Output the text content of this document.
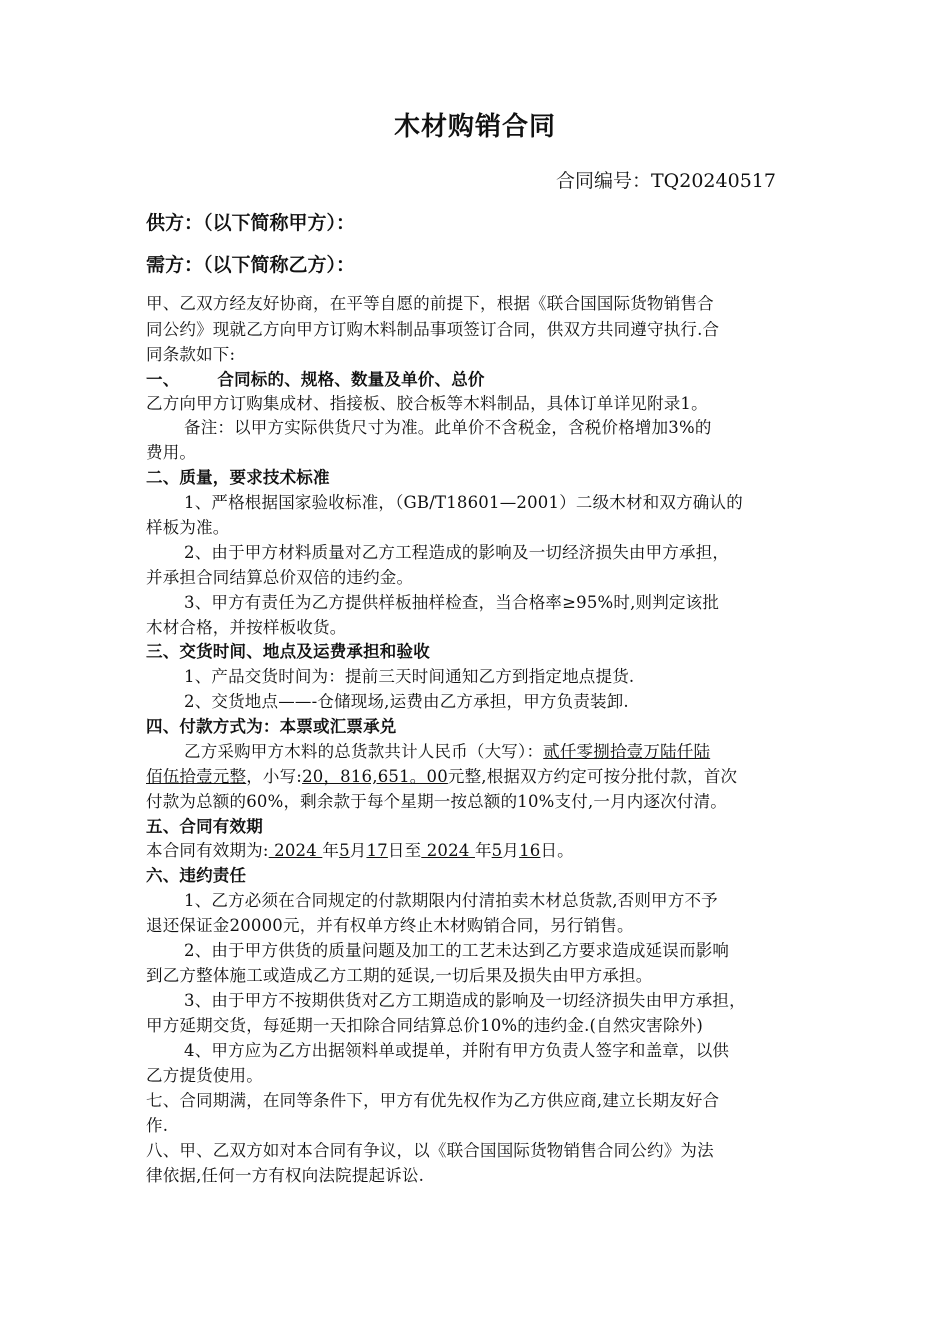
木材购销合同
合同编号：TQ20240517
供方：（以下简称甲方）：
需方：（以下简称乙方）：
甲、乙双方经友好协商，在平等自愿的前提下，根据《联合国国际货物销售合
同公约》现就乙方向甲方订购木料制品事项签订合同，供双方共同遵守执行.合
同条款如下:
一、 合同标的、规格、数量及单价、总价
乙方向甲方订购集成材、指接板、胶合板等木料制品，具体订单详见附录1。
备注：以甲方实际供货尺寸为准。此单价不含税金，含税价格增加3%的
费用。
二、质量，要求技术标准
1、严格根据国家验收标准，（GB/T18601—2001）二级木材和双方确认的
样板为准。
2、由于甲方材料质量对乙方工程造成的影响及一切经济损失由甲方承担，
并承担合同结算总价双倍的违约金。
3、甲方有责任为乙方提供样板抽样检查，当合格率≥95%时,则判定该批
木材合格，并按样板收货。
三、交货时间、地点及运费承担和验收
1、产品交货时间为：提前三天时间通知乙方到指定地点提货.
2、交货地点——-仓储现场,运费由乙方承担，甲方负责装卸.
四、付款方式为：本票或汇票承兑
乙方采购甲方木料的总货款共计人民币（大写）：贰仟零捌拾壹万陆仟陆
佰伍拾壹元整，小写:20，816,651。00元整,根据双方约定可按分批付款，首次
付款为总额的60%，剩余款于每个星期一按总额的10%支付,一月内逐次付清。
五、合同有效期
本合同有效期为: 2024 年5月17日至 2024 年5月16日。
六、违约责任
1、乙方必须在合同规定的付款期限内付清拍卖木材总货款,否则甲方不予
退还保证金20000元，并有权单方终止木材购销合同，另行销售。
2、由于甲方供货的质量问题及加工的工艺未达到乙方要求造成延误而影响
到乙方整体施工或造成乙方工期的延误,一切后果及损失由甲方承担。
3、由于甲方不按期供货对乙方工期造成的影响及一切经济损失由甲方承担，
甲方延期交货，每延期一天扣除合同结算总价10%的违约金.(自然灾害除外)
4、甲方应为乙方出据领料单或提单，并附有甲方负责人签字和盖章，以供
乙方提货使用。
七、合同期满，在同等条件下，甲方有优先权作为乙方供应商,建立长期友好合
作.
八、甲、乙双方如对本合同有争议，以《联合国国际货物销售合同公约》为法
律依据,任何一方有权向法院提起诉讼.
